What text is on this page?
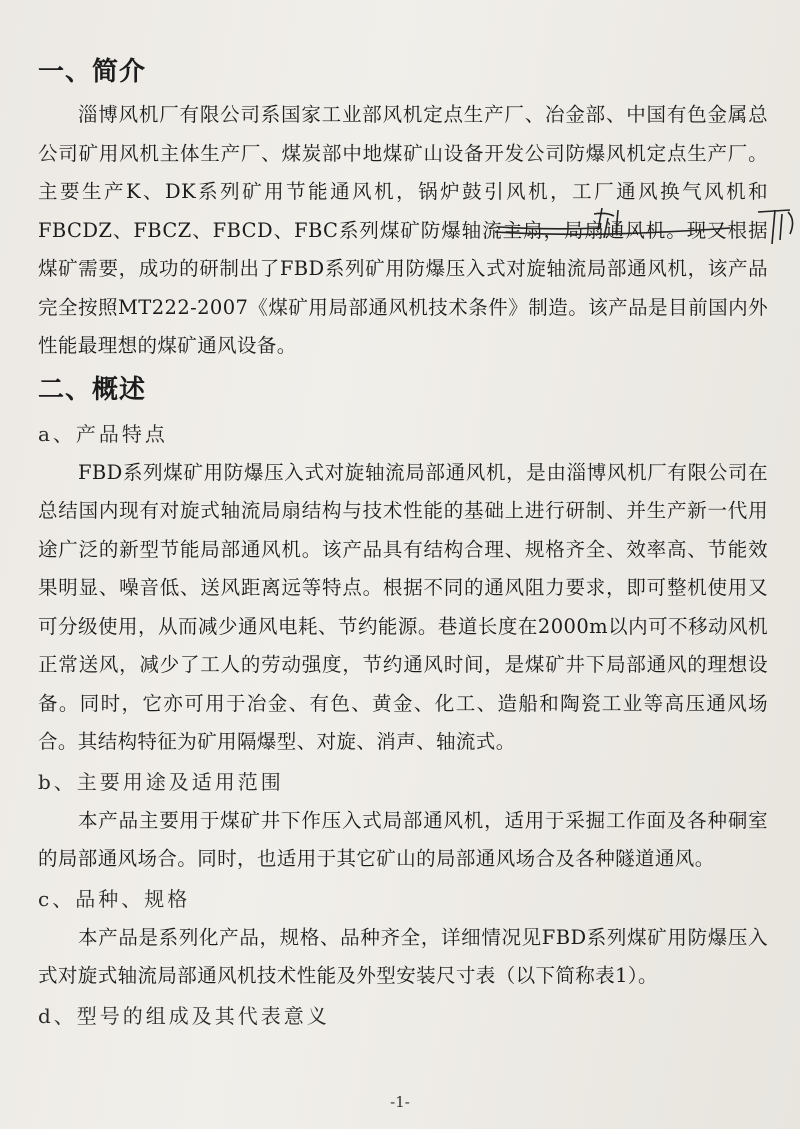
一、简介

淄博风机厂有限公司系国家工业部风机定点生产厂、冶金部、中国有色金属总公司矿用风机主体生产厂、煤炭部中地煤矿山设备开发公司防爆风机定点生产厂。主要生产K、DK系列矿用节能通风机，锅炉鼓引风机，工厂通风换气风机和FBCDZ、FBCZ、FBCD、FBC系列煤矿防爆轴流主扇，局扇通风机。现又根据煤矿需要，成功的研制出了FBD系列矿用防爆压入式对旋轴流局部通风机，该产品完全按照MT222-2007《煤矿用局部通风机技术条件》制造。该产品是目前国内外性能最理想的煤矿通风设备。

二、概述
a、产品特点

FBD系列煤矿用防爆压入式对旋轴流局部通风机，是由淄博风机厂有限公司在总结国内现有对旋式轴流局扇结构与技术性能的基础上进行研制、并生产新一代用途广泛的新型节能局部通风机。该产品具有结构合理、规格齐全、效率高、节能效果明显、噪音低、送风距离远等特点。根据不同的通风阻力要求，即可整机使用又可分级使用，从而减少通风电耗、节约能源。巷道长度在2000m以内可不移动风机正常送风，减少了工人的劳动强度，节约通风时间，是煤矿井下局部通风的理想设备。同时，它亦可用于冶金、有色、黄金、化工、造船和陶瓷工业等高压通风场合。其结构特征为矿用隔爆型、对旋、消声、轴流式。

b、主要用途及适用范围

本产品主要用于煤矿井下作压入式局部通风机，适用于采掘工作面及各种硐室的局部通风场合。同时，也适用于其它矿山的局部通风场合及各种隧道通风。

c、品种、规格

本产品是系列化产品，规格、品种齐全，详细情况见FBD系列煤矿用防爆压入式对旋式轴流局部通风机技术性能及外型安装尺寸表（以下简称表1）。

d、型号的组成及其代表意义
-1-
